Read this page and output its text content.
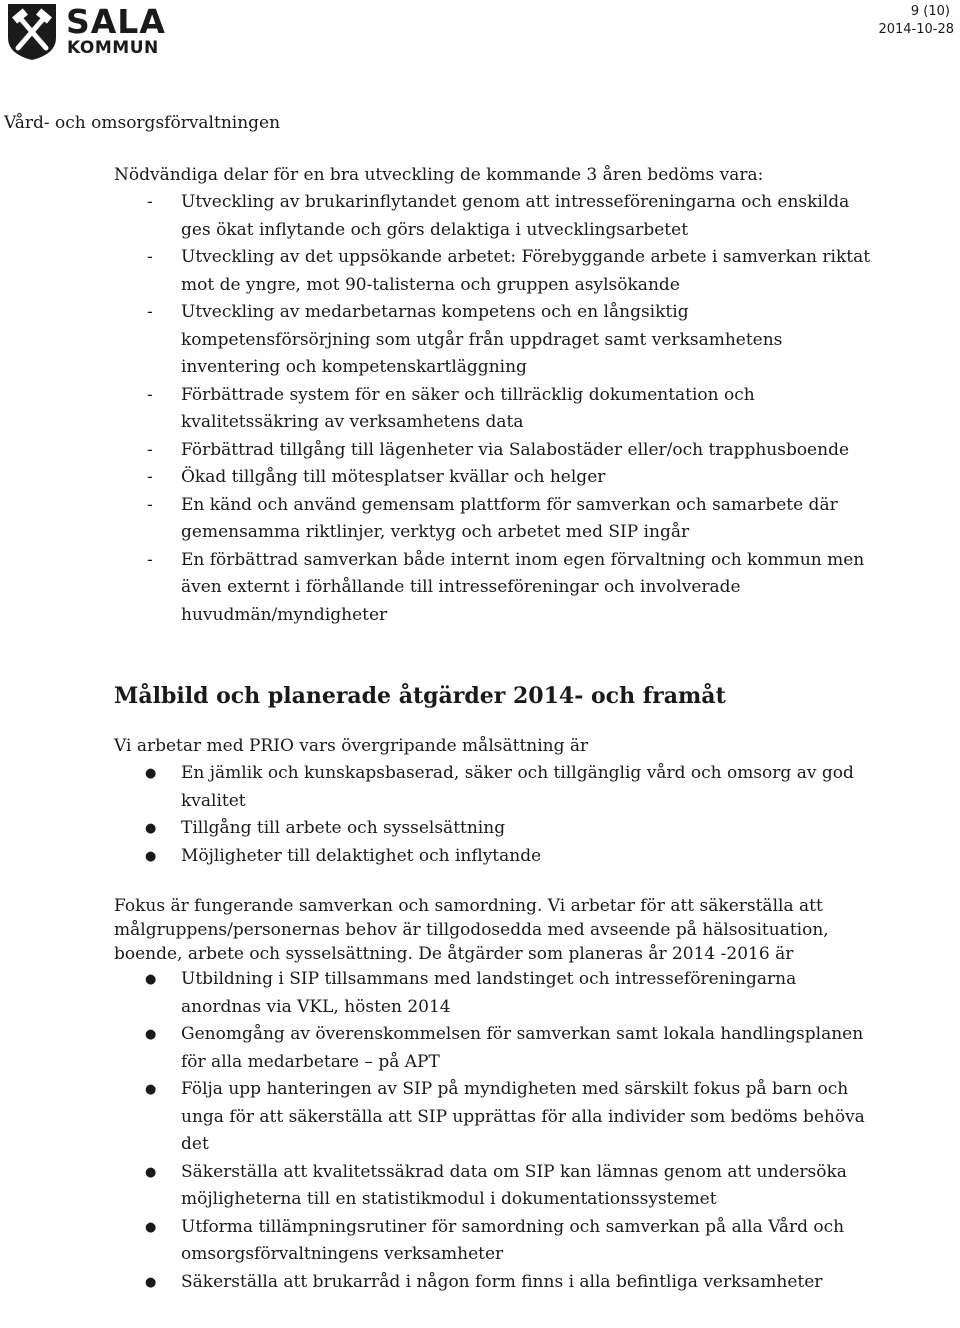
SALA
KOMMUN
9 (10)
2014-10-28
Vård- och omsorgsförvaltningen

Nödvändiga delar för en bra utveckling de kommande 3 åren bedöms vara:

- Utveckling av brukarinflytandet genom att intresseföreningarna och enskilda ges ökat inflytande och görs delaktiga i utvecklingsarbetet
- Utveckling av det uppsökande arbetet: Förebyggande arbete i samverkan riktat mot de yngre, mot 90-talisterna och gruppen asylsökande
- Utveckling av medarbetarnas kompetens och en långsiktig kompetensförsörjning som utgår från uppdraget samt verksamhetens inventering och kompetenskartläggning
- Förbättrade system för en säker och tillräcklig dokumentation och kvalitetssäkring av verksamhetens data
- Förbättrad tillgång till lägenheter via Salabostäder eller/och trapphusboende
- Ökad tillgång till mötesplatser kvällar och helger
- En känd och använd gemensam plattform för samverkan och samarbete där gemensamma riktlinjer, verktyg och arbetet med SIP ingår
- En förbättrad samverkan både internt inom egen förvaltning och kommun men även externt i förhållande till intresseföreningar och involverade huvudmän/myndigheter
Målbild och planerade åtgärder 2014- och framåt

Vi arbetar med PRIO vars övergripande målsättning är

● En jämlik och kunskapsbaserad, säker och tillgänglig vård och omsorg av god kvalitet
● Tillgång till arbete och sysselsättning
● Möjligheter till delaktighet och inflytande

Fokus är fungerande samverkan och samordning. Vi arbetar för att säkerställa att målgruppens/personernas behov är tillgodosedda med avseende på hälsosituation, boende, arbete och sysselsättning. De åtgärder som planeras år 2014 -2016 är

● Utbildning i SIP tillsammans med landstinget och intresseföreningarna anordnas via VKL, hösten 2014
● Genomgång av överenskommelsen för samverkan samt lokala handlingsplanen för alla medarbetare – på APT
● Följa upp hanteringen av SIP på myndigheten med särskilt fokus på barn och unga för att säkerställa att SIP upprättas för alla individer som bedöms behöva det
● Säkerställa att kvalitetssäkrad data om SIP kan lämnas genom att undersöka möjligheterna till en statistikmodul i dokumentationssystemet
● Utforma tillämpningsrutiner för samordning och samverkan på alla Vård och omsorgsförvaltningens verksamheter
● Säkerställa att brukarråd i någon form finns i alla befintliga verksamheter
